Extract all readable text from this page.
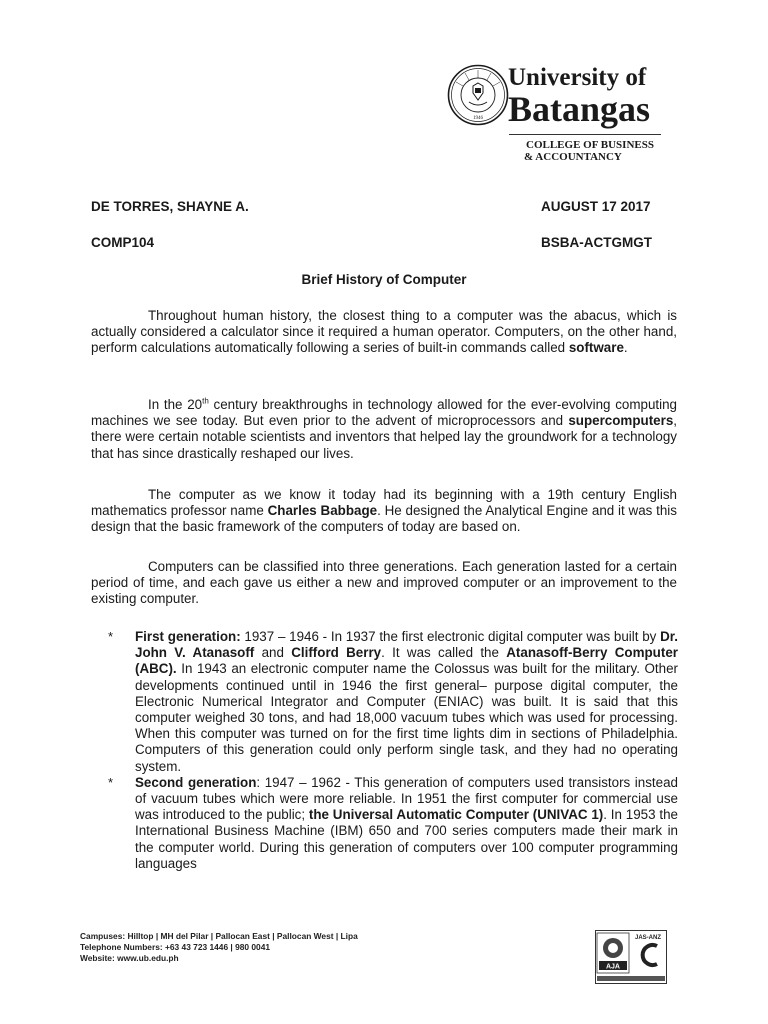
1946
University of
Batangas
COLLEGE OF BUSINESS
& ACCOUNTANCY
DE TORRES, SHAYNE A.	AUGUST 17 2017
COMP104	BSBA-ACTGMGT
Brief History of Computer

Throughout human history, the closest thing to a computer was the abacus, which is actually considered a calculator since it required a human operator. Computers, on the other hand, perform calculations automatically following a series of built-in commands called software.

In the 20th century breakthroughs in technology allowed for the ever-evolving computing machines we see today. But even prior to the advent of microprocessors and supercomputers, there were certain notable scientists and inventors that helped lay the groundwork for a technology that has since drastically reshaped our lives.

The computer as we know it today had its beginning with a 19th century English mathematics professor name Charles Babbage. He designed the Analytical Engine and it was this design that the basic framework of the computers of today are based on.

Computers can be classified into three generations. Each generation lasted for a certain period of time, and each gave us either a new and improved computer or an improvement to the existing computer.

* First generation: 1937 – 1946 - In 1937 the first electronic digital computer was built by Dr. John V. Atanasoff and Clifford Berry. It was called the Atanasoff-Berry Computer (ABC). In 1943 an electronic computer name the Colossus was built for the military. Other developments continued until in 1946 the first general– purpose digital computer, the Electronic Numerical Integrator and Computer (ENIAC) was built. It is said that this computer weighed 30 tons, and had 18,000 vacuum tubes which was used for processing. When this computer was turned on for the first time lights dim in sections of Philadelphia. Computers of this generation could only perform single task, and they had no operating system.

* Second generation: 1947 – 1962 - This generation of computers used transistors instead of vacuum tubes which were more reliable. In 1951 the first computer for commercial use was introduced to the public; the Universal Automatic Computer (UNIVAC 1). In 1953 the International Business Machine (IBM) 650 and 700 series computers made their mark in the computer world. During this generation of computers over 100 computer programming languages

Campuses: Hilltop | MH del Pilar | Pallocan East | Pallocan West | Lipa
Telephone Numbers: +63 43 723 1446 | 980 0041
Website: www.ub.edu.ph
AJA
JAS-ANZ
